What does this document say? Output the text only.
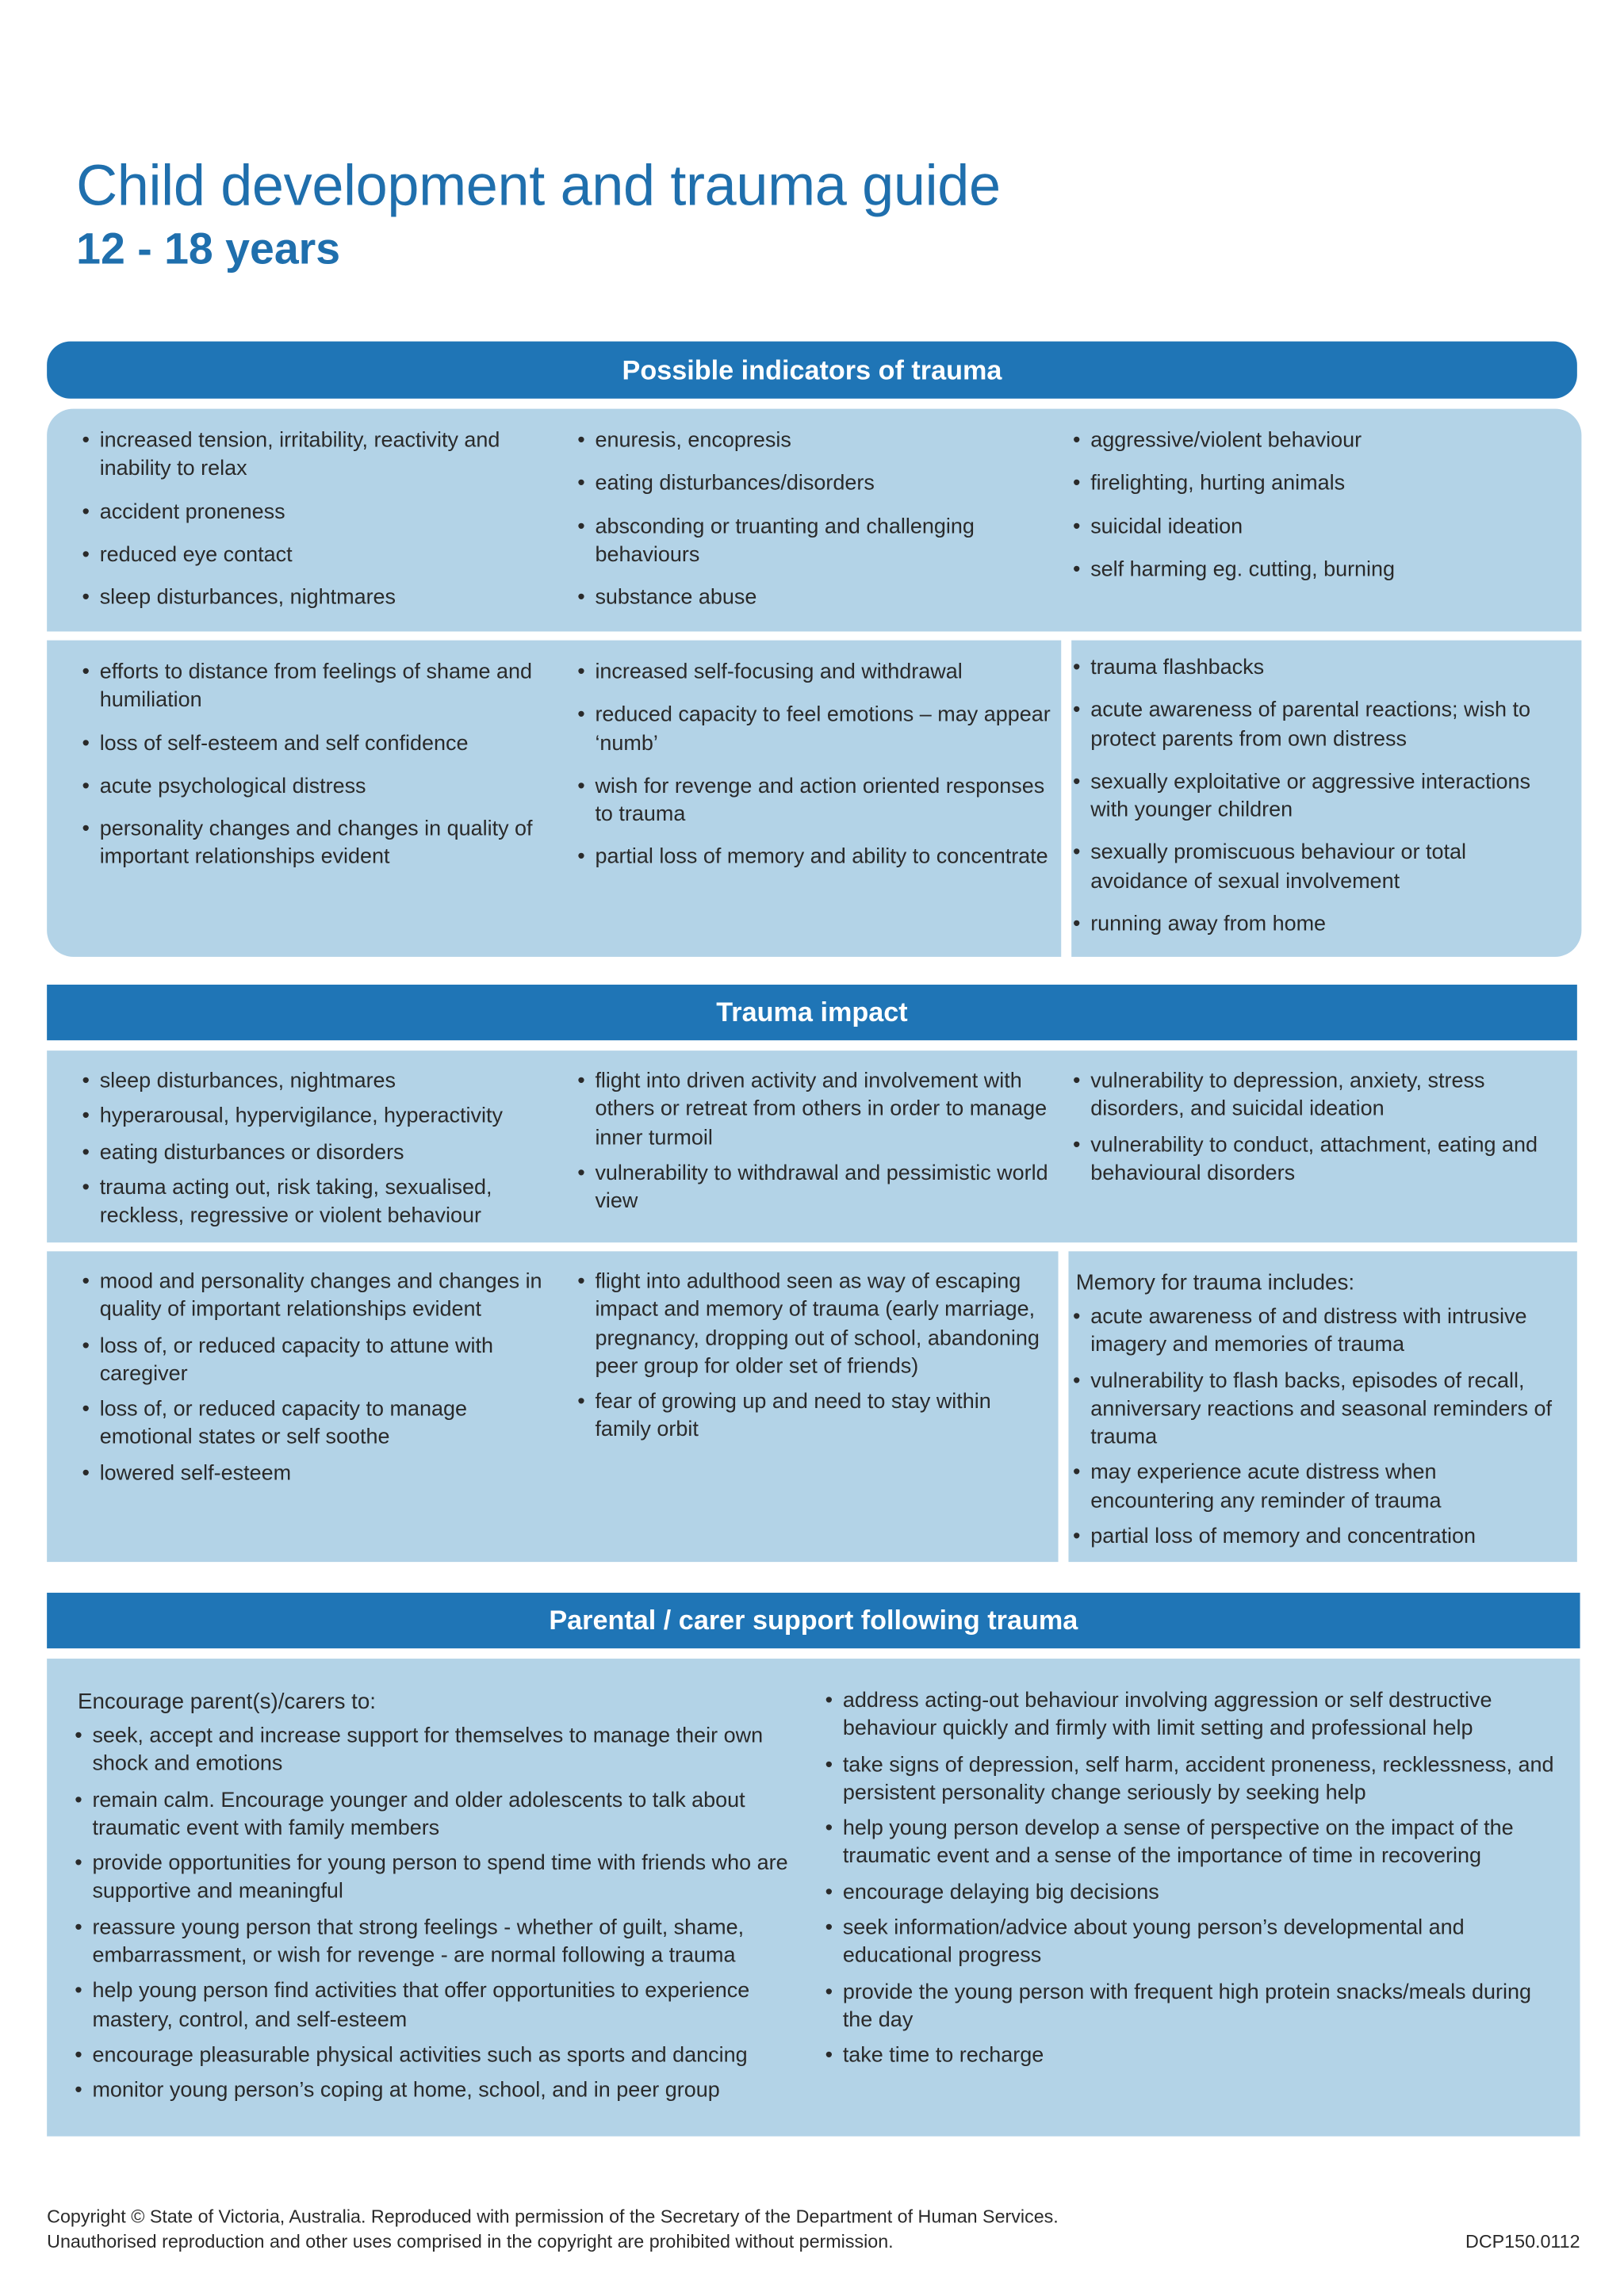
Child development and trauma guide
12 - 18 years
Possible indicators of trauma
• increased tension, irritability, reactivity and inability to relax
• accident proneness
• reduced eye contact
• sleep disturbances, nightmares
• enuresis, encopresis
• eating disturbances/disorders
• absconding or truanting and challenging behaviours
• substance abuse
• aggressive/violent behaviour
• firelighting, hurting animals
• suicidal ideation
• self harming eg. cutting, burning
• efforts to distance from feelings of shame and humiliation
• loss of self-esteem and self confidence
• acute psychological distress
• personality changes and changes in quality of important relationships evident
• increased self-focusing and withdrawal
• reduced capacity to feel emotions – may appear ‘numb’
• wish for revenge and action oriented responses to trauma
• partial loss of memory and ability to concentrate
• trauma flashbacks
• acute awareness of parental reactions; wish to protect parents from own distress
• sexually exploitative or aggressive interactions with younger children
• sexually promiscuous behaviour or total avoidance of sexual involvement
• running away from home
Trauma impact
• sleep disturbances, nightmares
• hyperarousal, hypervigilance, hyperactivity
• eating disturbances or disorders
• trauma acting out, risk taking, sexualised, reckless, regressive or violent behaviour
• flight into driven activity and involvement with others or retreat from others in order to manage inner turmoil
• vulnerability to withdrawal and pessimistic world view
• vulnerability to depression, anxiety, stress disorders, and suicidal ideation
• vulnerability to conduct, attachment, eating and behavioural disorders
• mood and personality changes and changes in quality of important relationships evident
• loss of, or reduced capacity to attune with caregiver
• loss of, or reduced capacity to manage emotional states or self soothe
• lowered self-esteem
• flight into adulthood seen as way of escaping impact and memory of trauma (early marriage, pregnancy, dropping out of school, abandoning peer group for older set of friends)
• fear of growing up and need to stay within family orbit

Memory for trauma includes:

• acute awareness of and distress with intrusive imagery and memories of trauma
• vulnerability to flash backs, episodes of recall, anniversary reactions and seasonal reminders of trauma
• may experience acute distress when encountering any reminder of trauma
• partial loss of memory and concentration
Parental / carer support following trauma

Encourage parent(s)/carers to:

• seek, accept and increase support for themselves to manage their own shock and emotions
• remain calm. Encourage younger and older adolescents to talk about traumatic event with family members
• provide opportunities for young person to spend time with friends who are supportive and meaningful
• reassure young person that strong feelings - whether of guilt, shame, embarrassment, or wish for revenge - are normal following a trauma
• help young person find activities that offer opportunities to experience mastery, control, and self-esteem
• encourage pleasurable physical activities such as sports and dancing
• monitor young person’s coping at home, school, and in peer group
• address acting-out behaviour involving aggression or self destructive behaviour quickly and firmly with limit setting and professional help
• take signs of depression, self harm, accident proneness, recklessness, and persistent personality change seriously by seeking help
• help young person develop a sense of perspective on the impact of the traumatic event and a sense of the importance of time in recovering
• encourage delaying big decisions
• seek information/advice about young person’s developmental and educational progress
• provide the young person with frequent high protein snacks/meals during the day
• take time to recharge
Copyright © State of Victoria, Australia. Reproduced with permission of the Secretary of the Department of Human Services.
Unauthorised reproduction and other uses comprised in the copyright are prohibited without permission.	DCP150.0112
